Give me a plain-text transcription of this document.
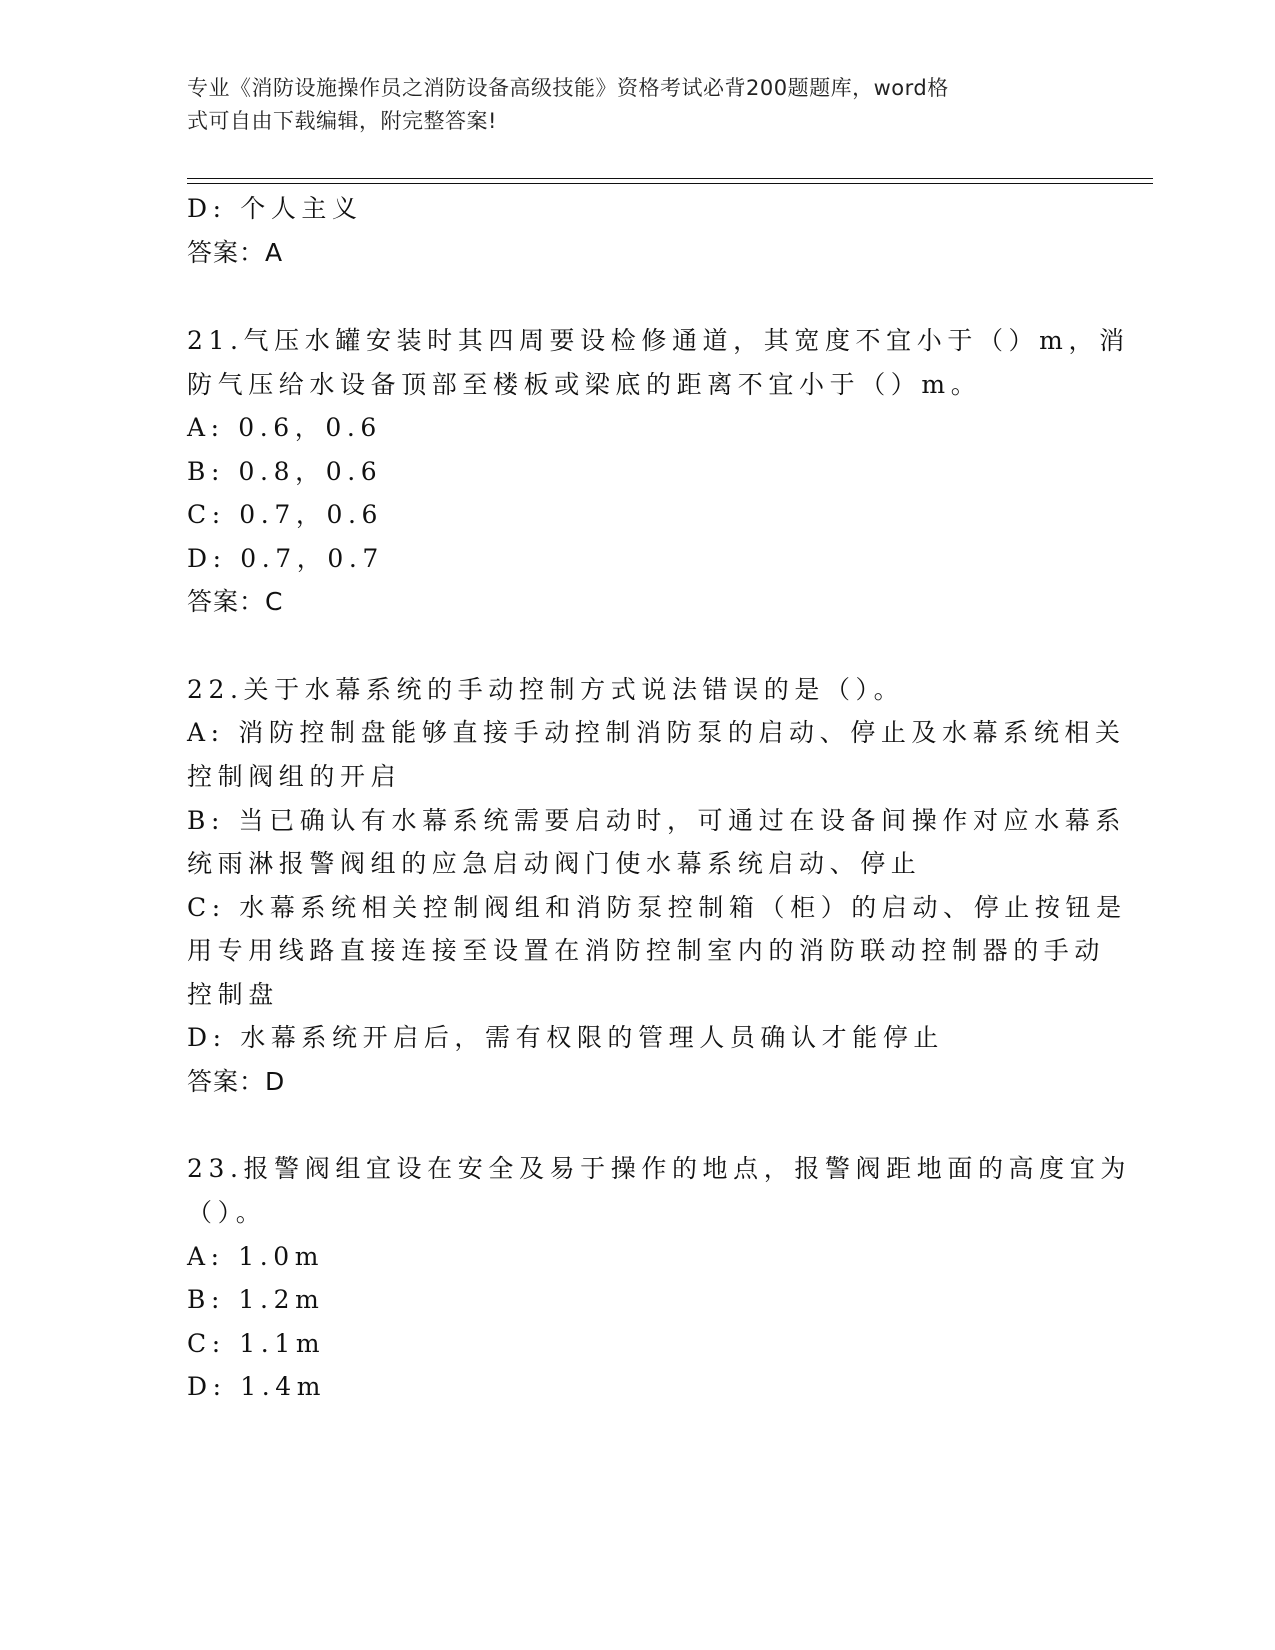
专业《消防设施操作员之消防设备高级技能》资格考试必背200题题库，word格
式可自由下载编辑，附完整答案!
D: 个人主义
答案：A
21.气压水罐安装时其四周要设检修通道，其宽度不宜小于（）m，消
防气压给水设备顶部至楼板或梁底的距离不宜小于（）m。
A: 0.6，0.6
B: 0.8，0.6
C: 0.7，0.6
D: 0.7，0.7
答案：C
22.关于水幕系统的手动控制方式说法错误的是（）。
A: 消防控制盘能够直接手动控制消防泵的启动、停止及水幕系统相关
控制阀组的开启
B: 当已确认有水幕系统需要启动时，可通过在设备间操作对应水幕系
统雨淋报警阀组的应急启动阀门使水幕系统启动、停止
C: 水幕系统相关控制阀组和消防泵控制箱（柜）的启动、停止按钮是
用专用线路直接连接至设置在消防控制室内的消防联动控制器的手动
控制盘
D: 水幕系统开启后，需有权限的管理人员确认才能停止
答案：D
23.报警阀组宜设在安全及易于操作的地点，报警阀距地面的高度宜为
（）。
A: 1.0m
B: 1.2m
C: 1.1m
D: 1.4m
